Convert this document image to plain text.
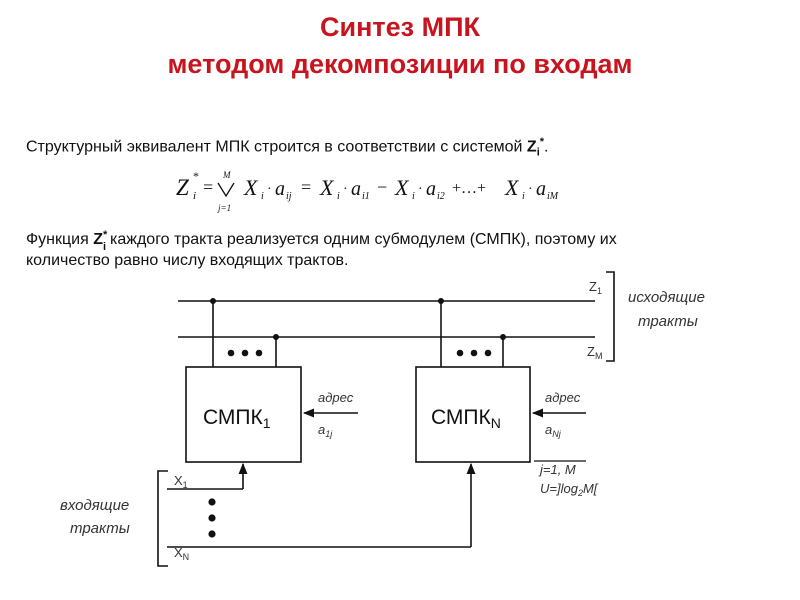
Синтез МПК
методом декомпозиции по входам
Структурный эквивалент МПК строится в соответствии с системой $Z_i^*$.
Z *
i =
M
j=1
X i · a ij = X i · a i1 − X i · a i2 +…+ X i · a iM
Функция Z *
i каждого тракта реализуется одним субмодулем (СМПК), поэтому их
количество равно числу входящих трактов.
СМПК1	СМПКN
$Z_1$
$Z_M$
исходящие
тракты
$X_1$
$X_N$
входящие
тракты
адрес
$a_{1j}$
адрес
$a_{Nj}$
j=1, M
$U=]\log_2M$[
